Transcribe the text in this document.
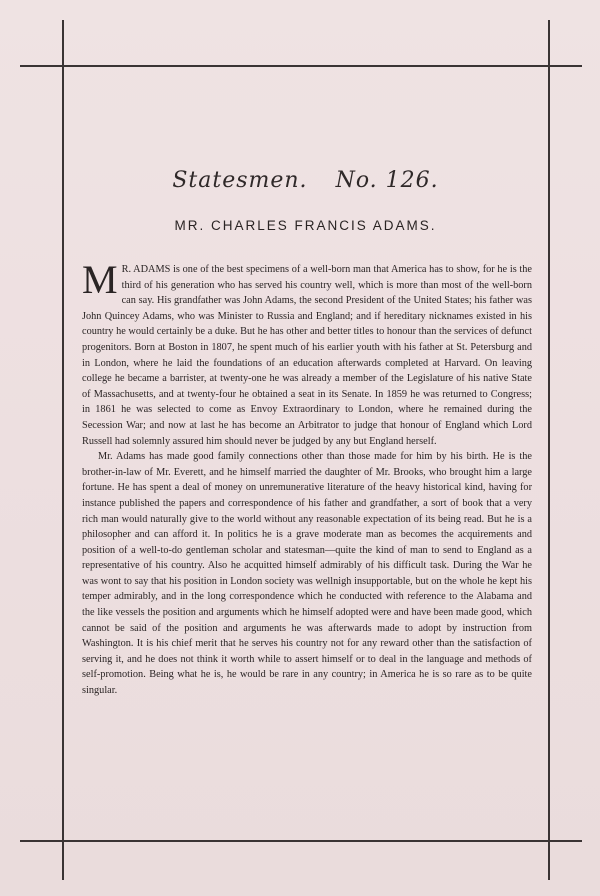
Statesmen. No. 126.
MR. CHARLES FRANCIS ADAMS.

M R. ADAMS is one of the best specimens of a well-born man that America has to show, for he is the third of his generation who has served his country well, which is more than most of the well-born can say. His grandfather was John Adams, the second President of the United States; his father was John Quincey Adams, who was Minister to Russia and England; and if hereditary nicknames existed in his country he would certainly be a duke. But he has other and better titles to honour than the services of defunct progenitors. Born at Boston in 1807, he spent much of his earlier youth with his father at St. Petersburg and in London, where he laid the foundations of an education afterwards completed at Harvard. On leaving college he became a barrister, at twenty-one he was already a member of the Legislature of his native State of Massachusetts, and at twenty-four he obtained a seat in its Senate. In 1859 he was returned to Congress; in 1861 he was selected to come as Envoy Extraordinary to London, where he remained during the Secession War; and now at last he has become an Arbitrator to judge that honour of England which Lord Russell had solemnly assured him should never be judged by any but England herself.

Mr. Adams has made good family connections other than those made for him by his birth. He is the brother-in-law of Mr. Everett, and he himself married the daughter of Mr. Brooks, who brought him a large fortune. He has spent a deal of money on unremunerative literature of the heavy historical kind, having for instance published the papers and correspondence of his father and grandfather, a sort of book that a very rich man would naturally give to the world without any reasonable expectation of its being read. But he is a philosopher and can afford it. In politics he is a grave moderate man as becomes the acquirements and position of a well-to-do gentleman scholar and statesman—quite the kind of man to send to England as a representative of his country. Also he acquitted himself admirably of his difficult task. During the War he was wont to say that his position in London society was wellnigh insupportable, but on the whole he kept his temper admirably, and in the long correspondence which he conducted with reference to the Alabama and the like vessels the position and arguments which he himself adopted were and have been made good, which cannot be said of the position and arguments he was afterwards made to adopt by instruction from Washington. It is his chief merit that he serves his country not for any reward other than the satisfaction of serving it, and he does not think it worth while to assert himself or to deal in the language and methods of self-promotion. Being what he is, he would be rare in any country; in America he is so rare as to be quite singular.
